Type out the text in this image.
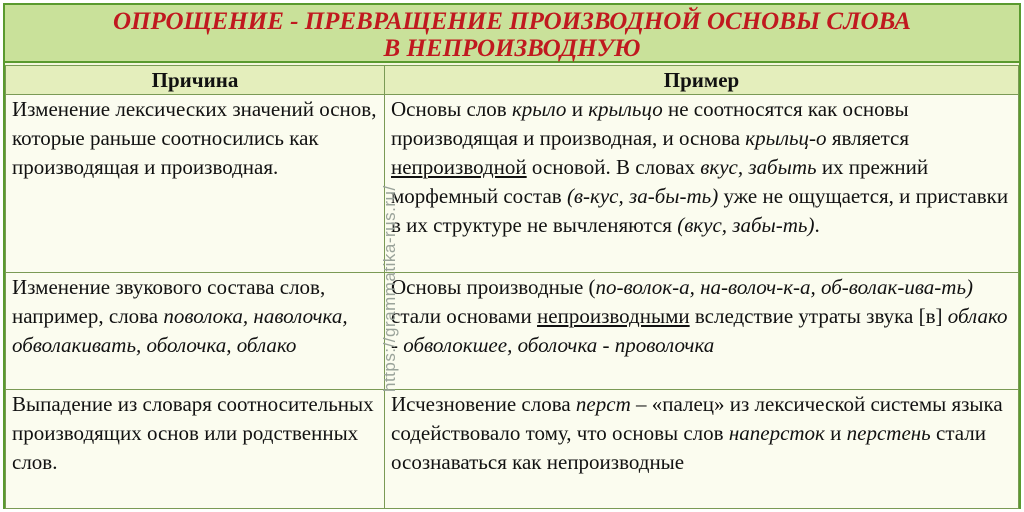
ОПРОЩЕНИЕ - ПРЕВРАЩЕНИЕ ПРОИЗВОДНОЙ ОСНОВЫ СЛОВА
В НЕПРОИЗВОДНУЮ
Причина	Пример
Изменение лексических значений основ, которые раньше соотносились как производящая и производная.	Основы слов крыло и крыльцо не соотносятся как основы производящая и производная, и основа крыльц-о является непроизводной основой. В словах вкус, забыть их прежний морфемный состав (в-кус, за-бы-ть) уже не ощущается, и приставки в их структуре не вычленяются (вкус, забы-ть).
Изменение звукового состава слов, например, слова поволока, наволочка, обволакивать, оболочка, облако	Основы производные (по-волок-а, на-волоч-к-а, об-волак-ива-ть) стали основами непроизводными вследствие утраты звука [в] облако - обволокшее, оболочка - проволочка
Выпадение из словаря соотносительных производящих основ или родственных слов.	Исчезновение слова перст – «палец» из лексической системы языка содействовало тому, что основы слов наперсток и перстень стали осознаваться как непроизводные
https://grammatika-rus.ru/
